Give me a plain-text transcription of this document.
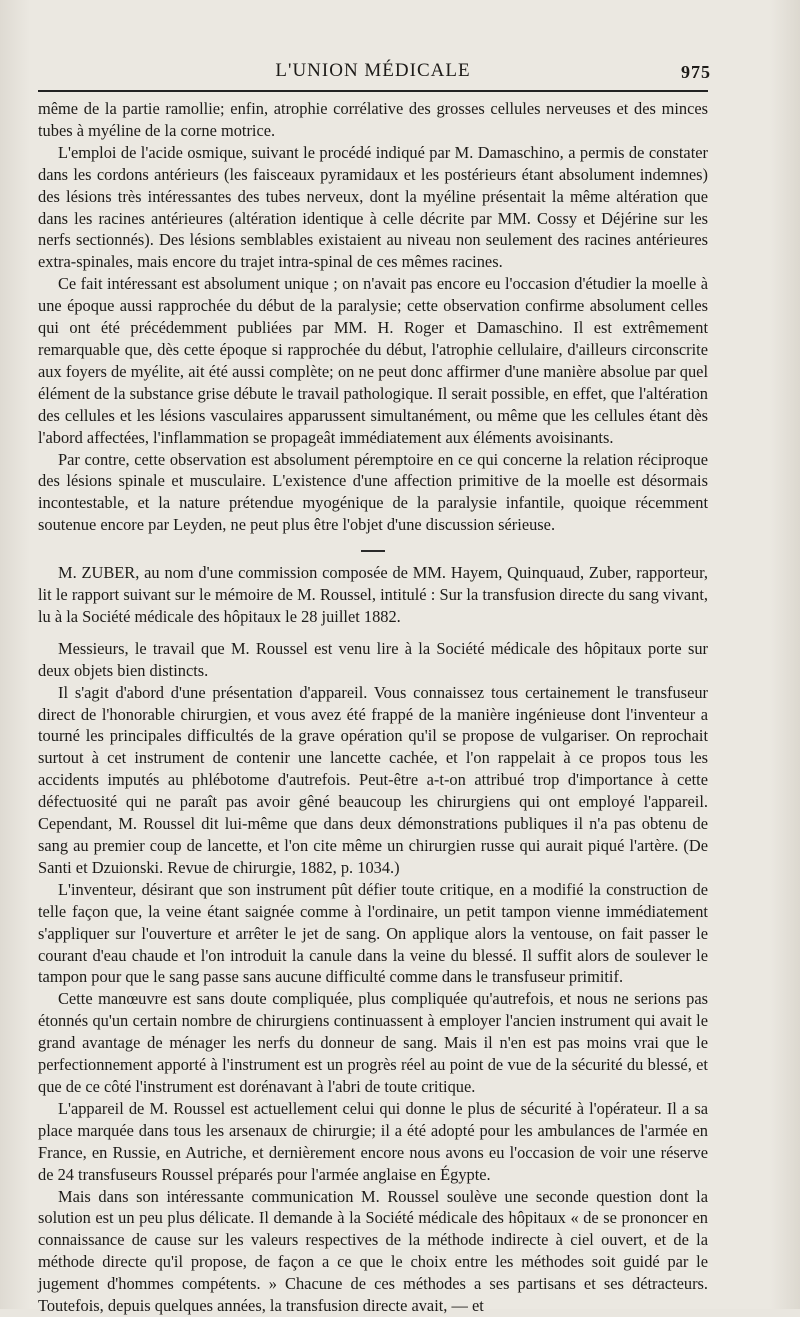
L'UNION MÉDICALE	975

même de la partie ramollie; enfin, atrophie corrélative des grosses cellules nerveuses et des minces tubes à myéline de la corne motrice.

L'emploi de l'acide osmique, suivant le procédé indiqué par M. Damaschino, a permis de constater dans les cordons antérieurs (les faisceaux pyramidaux et les postérieurs étant absolument indemnes) des lésions très intéressantes des tubes nerveux, dont la myéline présentait la même altération que dans les racines antérieures (altération identique à celle décrite par MM. Cossy et Déjérine sur les nerfs sectionnés). Des lésions semblables existaient au niveau non seulement des racines antérieures extra-spinales, mais encore du trajet intra-spinal de ces mêmes racines.

Ce fait intéressant est absolument unique ; on n'avait pas encore eu l'occasion d'étudier la moelle à une époque aussi rapprochée du début de la paralysie; cette observation confirme absolument celles qui ont été précédemment publiées par MM. H. Roger et Damaschino. Il est extrêmement remarquable que, dès cette époque si rapprochée du début, l'atrophie cellulaire, d'ailleurs circonscrite aux foyers de myélite, ait été aussi complète; on ne peut donc affirmer d'une manière absolue par quel élément de la substance grise débute le travail pathologique. Il serait possible, en effet, que l'altération des cellules et les lésions vasculaires apparussent simultanément, ou même que les cellules étant dès l'abord affectées, l'inflammation se propageât immédiatement aux éléments avoisinants.

Par contre, cette observation est absolument péremptoire en ce qui concerne la relation réciproque des lésions spinale et musculaire. L'existence d'une affection primitive de la moelle est désormais incontestable, et la nature prétendue myogénique de la paralysie infantile, quoique récemment soutenue encore par Leyden, ne peut plus être l'objet d'une discussion sérieuse.

M. ZUBER, au nom d'une commission composée de MM. Hayem, Quinquaud, Zuber, rapporteur, lit le rapport suivant sur le mémoire de M. Roussel, intitulé : Sur la transfusion directe du sang vivant, lu à la Société médicale des hôpitaux le 28 juillet 1882.

Messieurs, le travail que M. Roussel est venu lire à la Société médicale des hôpitaux porte sur deux objets bien distincts.

Il s'agit d'abord d'une présentation d'appareil. Vous connaissez tous certainement le transfuseur direct de l'honorable chirurgien, et vous avez été frappé de la manière ingénieuse dont l'inventeur a tourné les principales difficultés de la grave opération qu'il se propose de vulgariser. On reprochait surtout à cet instrument de contenir une lancette cachée, et l'on rappelait à ce propos tous les accidents imputés au phlébotome d'autrefois. Peut-être a-t-on attribué trop d'importance à cette défectuosité qui ne paraît pas avoir gêné beaucoup les chirurgiens qui ont employé l'appareil. Cependant, M. Roussel dit lui-même que dans deux démonstrations publiques il n'a pas obtenu de sang au premier coup de lancette, et l'on cite même un chirurgien russe qui aurait piqué l'artère. (De Santi et Dzuionski. Revue de chirurgie, 1882, p. 1034.)

L'inventeur, désirant que son instrument pût défier toute critique, en a modifié la construction de telle façon que, la veine étant saignée comme à l'ordinaire, un petit tampon vienne immédiatement s'appliquer sur l'ouverture et arrêter le jet de sang. On applique alors la ventouse, on fait passer le courant d'eau chaude et l'on introduit la canule dans la veine du blessé. Il suffit alors de soulever le tampon pour que le sang passe sans aucune difficulté comme dans le transfuseur primitif.

Cette manœuvre est sans doute compliquée, plus compliquée qu'autrefois, et nous ne serions pas étonnés qu'un certain nombre de chirurgiens continuassent à employer l'ancien instrument qui avait le grand avantage de ménager les nerfs du donneur de sang. Mais il n'en est pas moins vrai que le perfectionnement apporté à l'instrument est un progrès réel au point de vue de la sécurité du blessé, et que de ce côté l'instrument est dorénavant à l'abri de toute critique.

L'appareil de M. Roussel est actuellement celui qui donne le plus de sécurité à l'opérateur. Il a sa place marquée dans tous les arsenaux de chirurgie; il a été adopté pour les ambulances de l'armée en France, en Russie, en Autriche, et dernièrement encore nous avons eu l'occasion de voir une réserve de 24 transfuseurs Roussel préparés pour l'armée anglaise en Égypte.

Mais dans son intéressante communication M. Roussel soulève une seconde question dont la solution est un peu plus délicate. Il demande à la Société médicale des hôpitaux « de se prononcer en connaissance de cause sur les valeurs respectives de la méthode indirecte à ciel ouvert, et de la méthode directe qu'il propose, de façon a ce que le choix entre les méthodes soit guidé par le jugement d'hommes compétents. » Chacune de ces méthodes a ses partisans et ses détracteurs. Toutefois, depuis quelques années, la transfusion directe avait, — et
